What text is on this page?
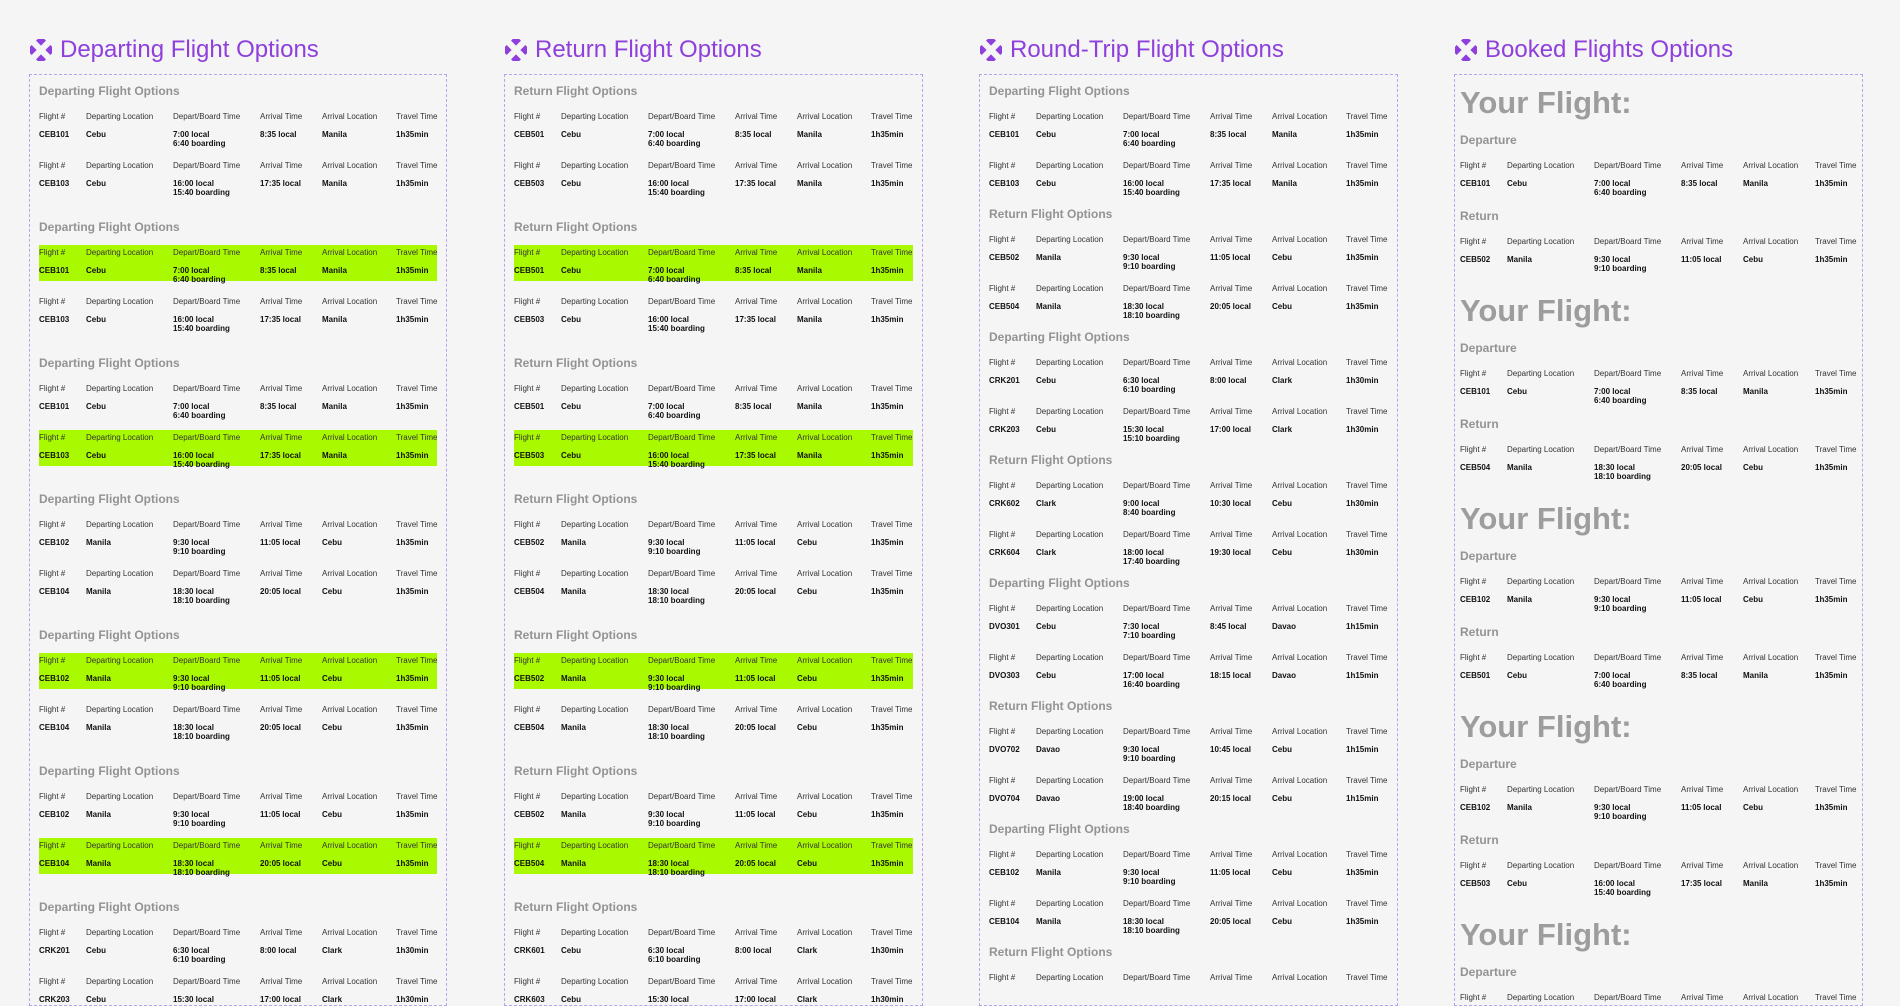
Departing Flight Options
Departing Flight Options
Flight #
CEB101
Departing Location
Cebu
Depart/Board Time
7:00 local
6:40 boarding
Arrival Time
8:35 local
Arrival Location
Manila
Travel Time
1h35min
Flight #
CEB103
Departing Location
Cebu
Depart/Board Time
16:00 local
15:40 boarding
Arrival Time
17:35 local
Arrival Location
Manila
Travel Time
1h35min
Departing Flight Options
Flight #
CEB101
Departing Location
Cebu
Depart/Board Time
7:00 local
6:40 boarding
Arrival Time
8:35 local
Arrival Location
Manila
Travel Time
1h35min
Flight #
CEB103
Departing Location
Cebu
Depart/Board Time
16:00 local
15:40 boarding
Arrival Time
17:35 local
Arrival Location
Manila
Travel Time
1h35min
Departing Flight Options
Flight #
CEB101
Departing Location
Cebu
Depart/Board Time
7:00 local
6:40 boarding
Arrival Time
8:35 local
Arrival Location
Manila
Travel Time
1h35min
Flight #
CEB103
Departing Location
Cebu
Depart/Board Time
16:00 local
15:40 boarding
Arrival Time
17:35 local
Arrival Location
Manila
Travel Time
1h35min
Departing Flight Options
Flight #
CEB102
Departing Location
Manila
Depart/Board Time
9:30 local
9:10 boarding
Arrival Time
11:05 local
Arrival Location
Cebu
Travel Time
1h35min
Flight #
CEB104
Departing Location
Manila
Depart/Board Time
18:30 local
18:10 boarding
Arrival Time
20:05 local
Arrival Location
Cebu
Travel Time
1h35min
Departing Flight Options
Flight #
CEB102
Departing Location
Manila
Depart/Board Time
9:30 local
9:10 boarding
Arrival Time
11:05 local
Arrival Location
Cebu
Travel Time
1h35min
Flight #
CEB104
Departing Location
Manila
Depart/Board Time
18:30 local
18:10 boarding
Arrival Time
20:05 local
Arrival Location
Cebu
Travel Time
1h35min
Departing Flight Options
Flight #
CEB102
Departing Location
Manila
Depart/Board Time
9:30 local
9:10 boarding
Arrival Time
11:05 local
Arrival Location
Cebu
Travel Time
1h35min
Flight #
CEB104
Departing Location
Manila
Depart/Board Time
18:30 local
18:10 boarding
Arrival Time
20:05 local
Arrival Location
Cebu
Travel Time
1h35min
Departing Flight Options
Flight #
CRK201
Departing Location
Cebu
Depart/Board Time
6:30 local
6:10 boarding
Arrival Time
8:00 local
Arrival Location
Clark
Travel Time
1h30min
Flight #
CRK203
Departing Location
Cebu
Depart/Board Time
15:30 local
Arrival Time
17:00 local
Arrival Location
Clark
Travel Time
1h30min
Return Flight Options
Return Flight Options
Flight #
CEB501
Departing Location
Cebu
Depart/Board Time
7:00 local
6:40 boarding
Arrival Time
8:35 local
Arrival Location
Manila
Travel Time
1h35min
Flight #
CEB503
Departing Location
Cebu
Depart/Board Time
16:00 local
15:40 boarding
Arrival Time
17:35 local
Arrival Location
Manila
Travel Time
1h35min
Return Flight Options
Flight #
CEB501
Departing Location
Cebu
Depart/Board Time
7:00 local
6:40 boarding
Arrival Time
8:35 local
Arrival Location
Manila
Travel Time
1h35min
Flight #
CEB503
Departing Location
Cebu
Depart/Board Time
16:00 local
15:40 boarding
Arrival Time
17:35 local
Arrival Location
Manila
Travel Time
1h35min
Return Flight Options
Flight #
CEB501
Departing Location
Cebu
Depart/Board Time
7:00 local
6:40 boarding
Arrival Time
8:35 local
Arrival Location
Manila
Travel Time
1h35min
Flight #
CEB503
Departing Location
Cebu
Depart/Board Time
16:00 local
15:40 boarding
Arrival Time
17:35 local
Arrival Location
Manila
Travel Time
1h35min
Return Flight Options
Flight #
CEB502
Departing Location
Manila
Depart/Board Time
9:30 local
9:10 boarding
Arrival Time
11:05 local
Arrival Location
Cebu
Travel Time
1h35min
Flight #
CEB504
Departing Location
Manila
Depart/Board Time
18:30 local
18:10 boarding
Arrival Time
20:05 local
Arrival Location
Cebu
Travel Time
1h35min
Return Flight Options
Flight #
CEB502
Departing Location
Manila
Depart/Board Time
9:30 local
9:10 boarding
Arrival Time
11:05 local
Arrival Location
Cebu
Travel Time
1h35min
Flight #
CEB504
Departing Location
Manila
Depart/Board Time
18:30 local
18:10 boarding
Arrival Time
20:05 local
Arrival Location
Cebu
Travel Time
1h35min
Return Flight Options
Flight #
CEB502
Departing Location
Manila
Depart/Board Time
9:30 local
9:10 boarding
Arrival Time
11:05 local
Arrival Location
Cebu
Travel Time
1h35min
Flight #
CEB504
Departing Location
Manila
Depart/Board Time
18:30 local
18:10 boarding
Arrival Time
20:05 local
Arrival Location
Cebu
Travel Time
1h35min
Return Flight Options
Flight #
CRK601
Departing Location
Cebu
Depart/Board Time
6:30 local
6:10 boarding
Arrival Time
8:00 local
Arrival Location
Clark
Travel Time
1h30min
Flight #
CRK603
Departing Location
Cebu
Depart/Board Time
15:30 local
Arrival Time
17:00 local
Arrival Location
Clark
Travel Time
1h30min
Round-Trip Flight Options
Departing Flight Options
Flight #
CEB101
Departing Location
Cebu
Depart/Board Time
7:00 local
6:40 boarding
Arrival Time
8:35 local
Arrival Location
Manila
Travel Time
1h35min
Flight #
CEB103
Departing Location
Cebu
Depart/Board Time
16:00 local
15:40 boarding
Arrival Time
17:35 local
Arrival Location
Manila
Travel Time
1h35min
Return Flight Options
Flight #
CEB502
Departing Location
Manila
Depart/Board Time
9:30 local
9:10 boarding
Arrival Time
11:05 local
Arrival Location
Cebu
Travel Time
1h35min
Flight #
CEB504
Departing Location
Manila
Depart/Board Time
18:30 local
18:10 boarding
Arrival Time
20:05 local
Arrival Location
Cebu
Travel Time
1h35min
Departing Flight Options
Flight #
CRK201
Departing Location
Cebu
Depart/Board Time
6:30 local
6:10 boarding
Arrival Time
8:00 local
Arrival Location
Clark
Travel Time
1h30min
Flight #
CRK203
Departing Location
Cebu
Depart/Board Time
15:30 local
15:10 boarding
Arrival Time
17:00 local
Arrival Location
Clark
Travel Time
1h30min
Return Flight Options
Flight #
CRK602
Departing Location
Clark
Depart/Board Time
9:00 local
8:40 boarding
Arrival Time
10:30 local
Arrival Location
Cebu
Travel Time
1h30min
Flight #
CRK604
Departing Location
Clark
Depart/Board Time
18:00 local
17:40 boarding
Arrival Time
19:30 local
Arrival Location
Cebu
Travel Time
1h30min
Departing Flight Options
Flight #
DVO301
Departing Location
Cebu
Depart/Board Time
7:30 local
7:10 boarding
Arrival Time
8:45 local
Arrival Location
Davao
Travel Time
1h15min
Flight #
DVO303
Departing Location
Cebu
Depart/Board Time
17:00 local
16:40 boarding
Arrival Time
18:15 local
Arrival Location
Davao
Travel Time
1h15min
Return Flight Options
Flight #
DVO702
Departing Location
Davao
Depart/Board Time
9:30 local
9:10 boarding
Arrival Time
10:45 local
Arrival Location
Cebu
Travel Time
1h15min
Flight #
DVO704
Departing Location
Davao
Depart/Board Time
19:00 local
18:40 boarding
Arrival Time
20:15 local
Arrival Location
Cebu
Travel Time
1h15min
Departing Flight Options
Flight #
CEB102
Departing Location
Manila
Depart/Board Time
9:30 local
9:10 boarding
Arrival Time
11:05 local
Arrival Location
Cebu
Travel Time
1h35min
Flight #
CEB104
Departing Location
Manila
Depart/Board Time
18:30 local
18:10 boarding
Arrival Time
20:05 local
Arrival Location
Cebu
Travel Time
1h35min
Return Flight Options
Flight #	Departing Location Depart/Board Time Arrival Time Arrival Location Travel Time
Booked Flights Options
Your Flight:
Departure
Flight #
CEB101
Departing Location
Cebu
Depart/Board Time
7:00 local
6:40 boarding
Arrival Time
8:35 local
Arrival Location
Manila
Travel Time
1h35min
Return
Flight #
CEB502
Departing Location
Manila
Depart/Board Time
9:30 local
9:10 boarding
Arrival Time
11:05 local
Arrival Location
Cebu
Travel Time
1h35min
Your Flight:
Departure
Flight #
CEB101
Departing Location
Cebu
Depart/Board Time
7:00 local
6:40 boarding
Arrival Time
8:35 local
Arrival Location
Manila
Travel Time
1h35min
Return
Flight #
CEB504
Departing Location
Manila
Depart/Board Time
18:30 local
18:10 boarding
Arrival Time
20:05 local
Arrival Location
Cebu
Travel Time
1h35min
Your Flight:
Departure
Flight #
CEB102
Departing Location
Manila
Depart/Board Time
9:30 local
9:10 boarding
Arrival Time
11:05 local
Arrival Location
Cebu
Travel Time
1h35min
Return
Flight #
CEB501
Departing Location
Cebu
Depart/Board Time
7:00 local
6:40 boarding
Arrival Time
8:35 local
Arrival Location
Manila
Travel Time
1h35min
Your Flight:
Departure
Flight #
CEB102
Departing Location
Manila
Depart/Board Time
9:30 local
9:10 boarding
Arrival Time
11:05 local
Arrival Location
Cebu
Travel Time
1h35min
Return
Flight #
CEB503
Departing Location
Cebu
Depart/Board Time
16:00 local
15:40 boarding
Arrival Time
17:35 local
Arrival Location
Manila
Travel Time
1h35min
Your Flight:
Departure
Flight #	Departing Location Depart/Board Time Arrival Time Arrival Location Travel Time
